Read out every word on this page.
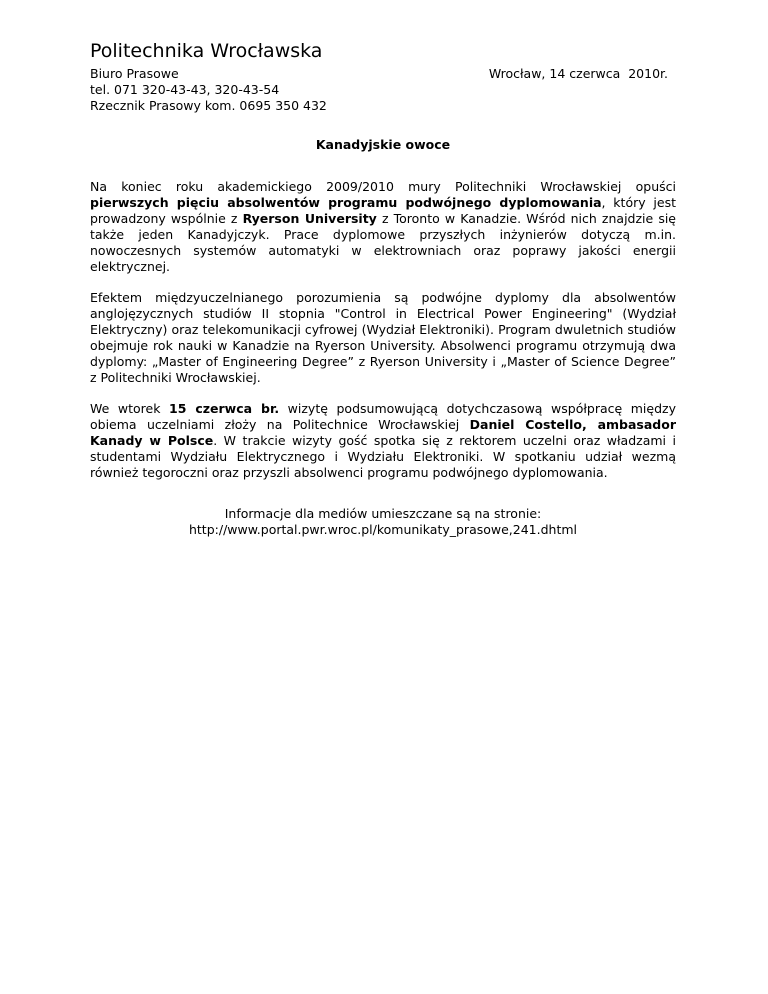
Politechnika Wrocławska
Biuro Prasowe
tel. 071 320-43-43, 320-43-54
Rzecznik Prasowy kom. 0695 350 432
Wrocław, 14 czerwca  2010r.
Kanadyjskie owoce

Na koniec roku akademickiego 2009/2010 mury Politechniki Wrocławskiej opuści pierwszych pięciu absolwentów programu podwójnego dyplomowania, który jest prowadzony wspólnie z Ryerson University z Toronto w Kanadzie. Wśród nich znajdzie się także jeden Kanadyjczyk. Prace dyplomowe przyszłych inżynierów dotyczą m.in. nowoczesnych systemów automatyki w elektrowniach oraz poprawy jakości energii elektrycznej.

Efektem międzyuczelnianego porozumienia są podwójne dyplomy dla absolwentów anglojęzycznych studiów II stopnia "Control in Electrical Power Engineering" (Wydział Elektryczny) oraz telekomunikacji cyfrowej (Wydział Elektroniki). Program dwuletnich studiów obejmuje rok nauki w Kanadzie na Ryerson University. Absolwenci programu otrzymują dwa dyplomy: „Master of Engineering Degree” z Ryerson University i „Master of Science Degree” z Politechniki Wrocławskiej.

We wtorek 15 czerwca br. wizytę podsumowującą dotychczasową współpracę między obiema uczelniami złoży na Politechnice Wrocławskiej Daniel Costello, ambasador Kanady w Polsce. W trakcie wizyty gość spotka się z rektorem uczelni oraz władzami i studentami Wydziału Elektrycznego i Wydziału Elektroniki. W spotkaniu udział wezmą również tegoroczni oraz przyszli absolwenci programu podwójnego dyplomowania.

Informacje dla mediów umieszczane są na stronie:
http://www.portal.pwr.wroc.pl/komunikaty_prasowe,241.dhtml
